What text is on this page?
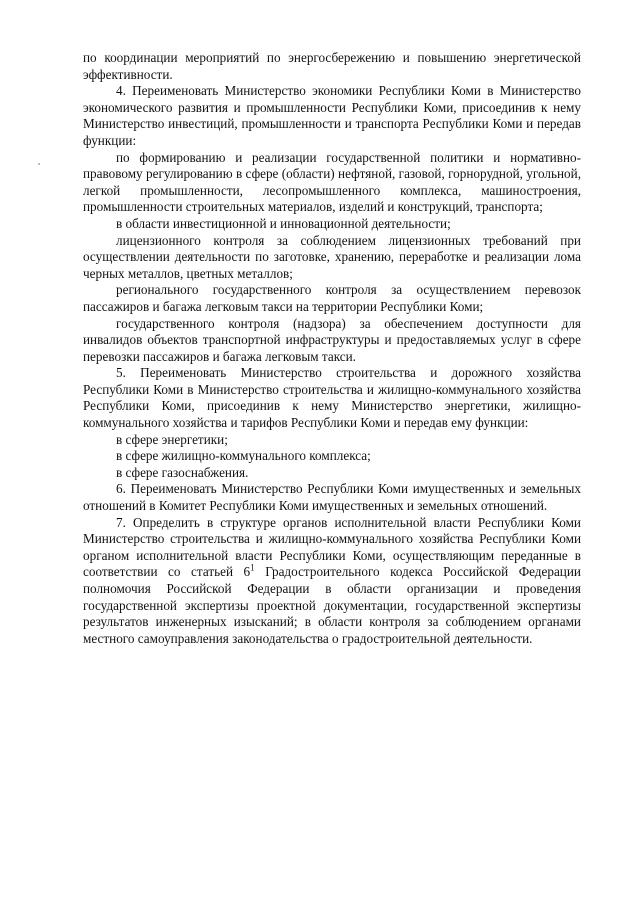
по координации мероприятий по энергосбережению и повышению энергетической эффективности.

4. Переименовать Министерство экономики Республики Коми в Министерство экономического развития и промышленности Республики Коми, присоединив к нему Министерство инвестиций, промышленности и транспорта Республики Коми и передав функции:

по формированию и реализации государственной политики и нормативно-правовому регулированию в сфере (области) нефтяной, газовой, горнорудной, угольной, легкой промышленности, лесопромышленного комплекса, машиностроения, промышленности строительных материалов, изделий и конструкций, транспорта;

в области инвестиционной и инновационной деятельности;

лицензионного контроля за соблюдением лицензионных требований при осуществлении деятельности по заготовке, хранению, переработке и реализации лома черных металлов, цветных металлов;

регионального государственного контроля за осуществлением перевозок пассажиров и багажа легковым такси на территории Республики Коми;

государственного контроля (надзора) за обеспечением доступности для инвалидов объектов транспортной инфраструктуры и предоставляемых услуг в сфере перевозки пассажиров и багажа легковым такси.

5. Переименовать Министерство строительства и дорожного хозяйства Республики Коми в Министерство строительства и жилищно-коммунального хозяйства Республики Коми, присоединив к нему Министерство энергетики, жилищно-коммунального хозяйства и тарифов Республики Коми и передав ему функции:

в сфере энергетики;

в сфере жилищно-коммунального комплекса;

в сфере газоснабжения.

6. Переименовать Министерство Республики Коми имущественных и земельных отношений в Комитет Республики Коми имущественных и земельных отношений.

7. Определить в структуре органов исполнительной власти Республики Коми Министерство строительства и жилищно-коммунального хозяйства Республики Коми органом исполнительной власти Республики Коми, осуществляющим переданные в соответствии со статьей $6^1$ Градостроительного кодекса Российской Федерации полномочия Российской Федерации в области организации и проведения государственной экспертизы проектной документации, государственной экспертизы результатов инженерных изысканий; в области контроля за соблюдением органами местного самоуправления законодательства о градостроительной деятельности.
